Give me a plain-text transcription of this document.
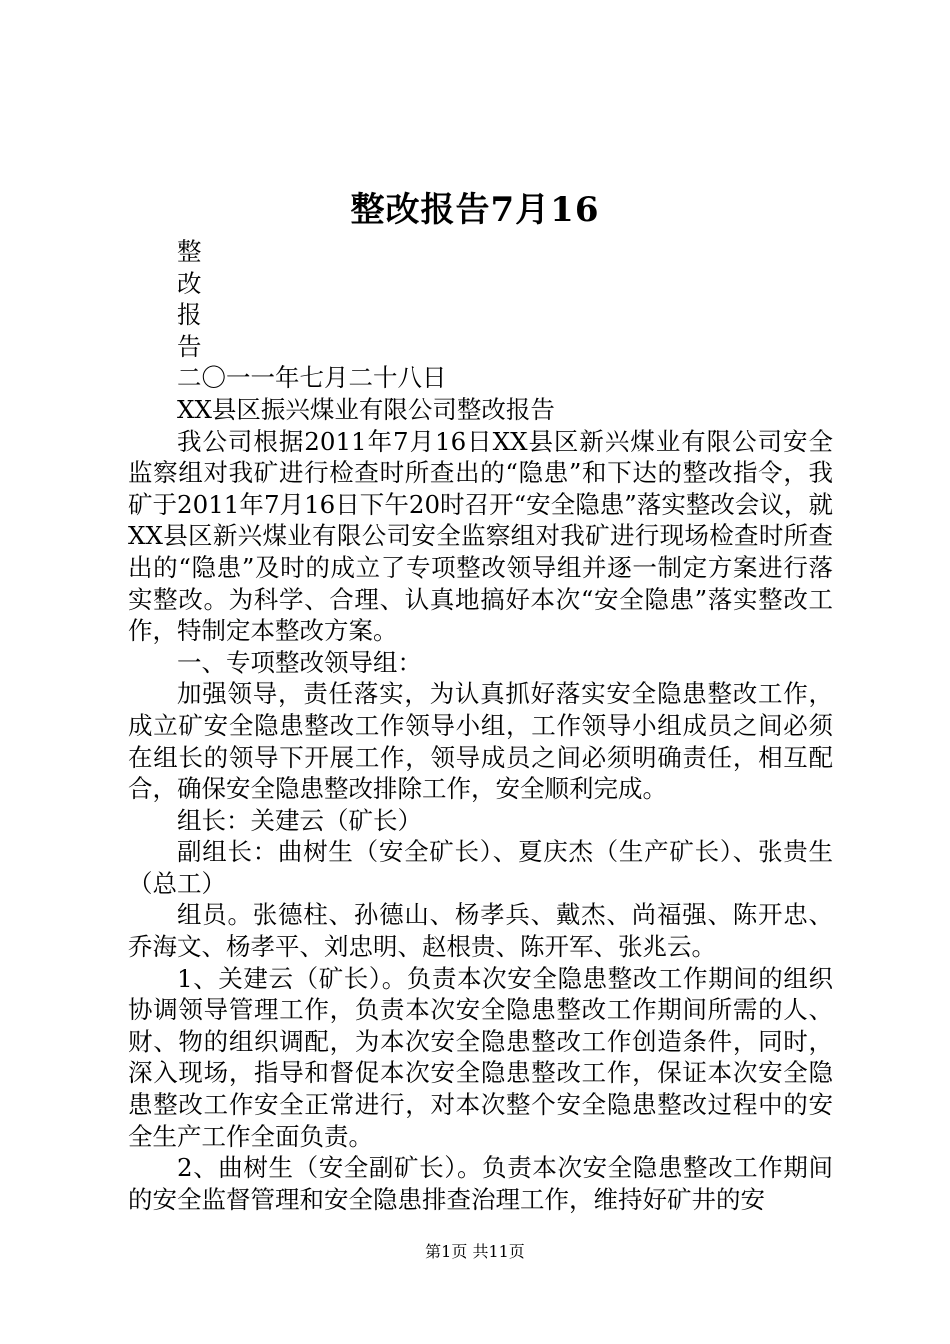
整改报告7月16

整

改

报

告

二〇一一年七月二十八日

XX县区振兴煤业有限公司整改报告

我公司根据2011年7月16日XX县区新兴煤业有限公司安全监察组对我矿进行检查时所查出的“隐患”和下达的整改指令，我矿于2011年7月16日下午20时召开“安全隐患”落实整改会议，就XX县区新兴煤业有限公司安全监察组对我矿进行现场检查时所查出的“隐患”及时的成立了专项整改领导组并逐一制定方案进行落实整改。为科学、合理、认真地搞好本次“安全隐患”落实整改工作，特制定本整改方案。

一、专项整改领导组：

加强领导，责任落实，为认真抓好落实安全隐患整改工作，成立矿安全隐患整改工作领导小组，工作领导小组成员之间必须在组长的领导下开展工作，领导成员之间必须明确责任，相互配合，确保安全隐患整改排除工作，安全顺利完成。

组长：关建云（矿长）

副组长：曲树生（安全矿长）、夏庆杰（生产矿长）、张贵生（总工）

组员。张德柱、孙德山、杨孝兵、戴杰、尚福强、陈开忠、乔海文、杨孝平、刘忠明、赵根贵、陈开军、张兆云。

1、关建云（矿长）。负责本次安全隐患整改工作期间的组织协调领导管理工作，负责本次安全隐患整改工作期间所需的人、财、物的组织调配，为本次安全隐患整改工作创造条件，同时，深入现场，指导和督促本次安全隐患整改工作，保证本次安全隐患整改工作安全正常进行，对本次整个安全隐患整改过程中的安全生产工作全面负责。

2、曲树生（安全副矿长）。负责本次安全隐患整改工作期间的安全监督管理和安全隐患排查治理工作，维持好矿井的安

第1页 共11页
